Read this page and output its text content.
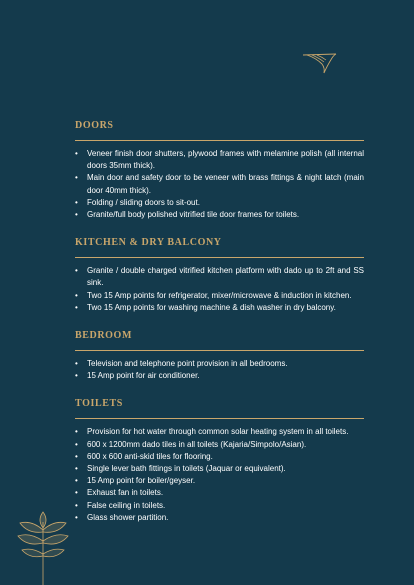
DOORS
• Veneer finish door shutters, plywood frames with melamine polish (all internal doors 35mm thick).
• Main door and safety door to be veneer with brass fittings & night latch (main door 40mm thick).
• Folding / sliding doors to sit-out.
• Granite/full body polished vitrified tile door frames for toilets.
KITCHEN & DRY BALCONY
• Granite / double charged vitrified kitchen platform with dado up to 2ft and SS sink.
• Two 15 Amp points for refrigerator, mixer/microwave & induction in kitchen.
• Two 15 Amp points for washing machine & dish washer in dry balcony.
BEDROOM
• Television and telephone point provision in all bedrooms.
• 15 Amp point for air conditioner.
TOILETS
• Provision for hot water through common solar heating system in all toilets.
• 600 x 1200mm dado tiles in all toilets (Kajaria/Simpolo/Asian).
• 600 x 600 anti-skid tiles for flooring.
• Single lever bath fittings in toilets (Jaquar or equivalent).
• 15 Amp point for boiler/geyser.
• Exhaust fan in toilets.
• False ceiling in toilets.
• Glass shower partition.
